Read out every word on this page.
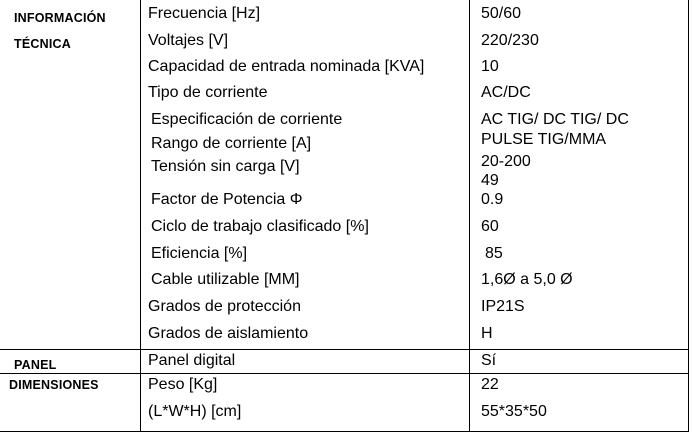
INFORMACIÓN
TÉCNICA
PANEL
DIMENSIONES
Frecuencia [Hz]
Voltajes [V]
Capacidad de entrada nominada [KVA]
Tipo de corriente
Especificación de corriente
Rango de corriente [A]
Tensión sin carga [V]
Factor de Potencia Φ
Ciclo de trabajo clasificado [%]
Eficiencia [%]
Cable utilizable [MM]
Grados de protección
Grados de aislamiento
Panel digital
Peso [Kg]
(L*W*H) [cm]
50/60
220/230
10
AC/DC
AC TIG/ DC TIG/ DC
PULSE TIG/MMA
20-200
49
0.9
60
85
1,6Ø a 5,0 Ø
IP21S
H
Sí
22
55*35*50
